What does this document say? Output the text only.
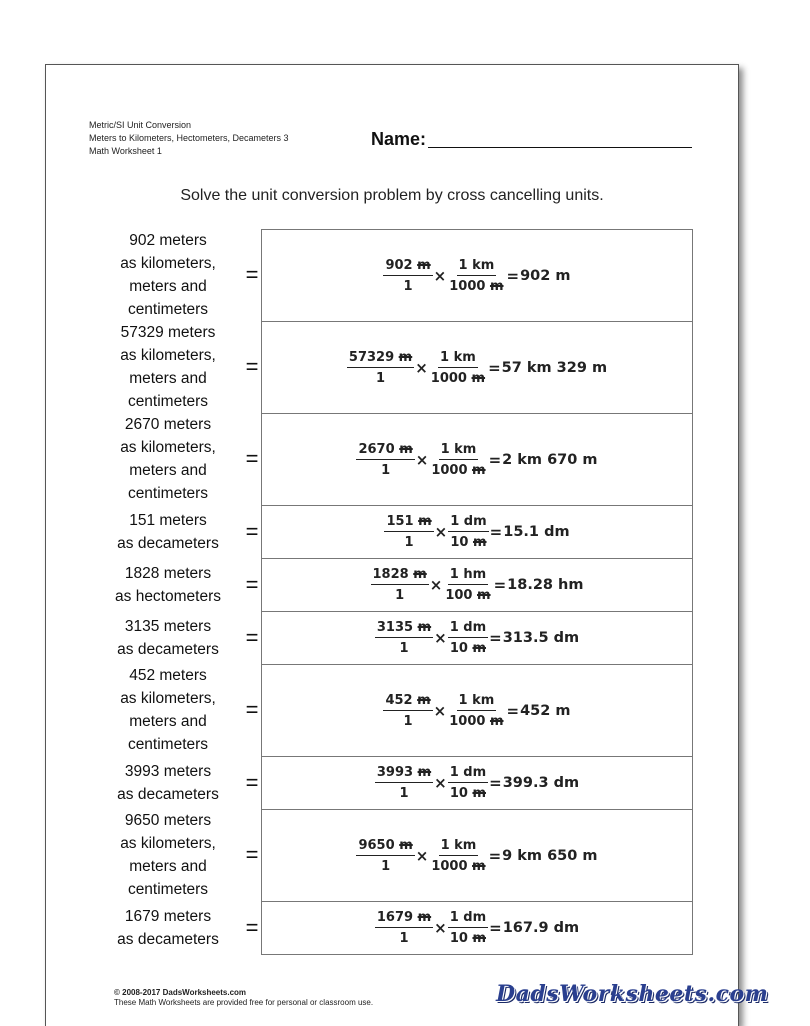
Metric/SI Unit Conversion
Meters to Kilometers, Hectometers, Decameters 3
Math Worksheet 1
Name:
Solve the unit conversion problem by cross cancelling units.
902 meters
as kilometers,
meters and
centimeters
=	$\frac{902 m}{1} \times \frac{1 km}{1000 m} = 902$ m
57329 meters
as kilometers,
meters and
centimeters
=	$\frac{57329 m}{1} \times \frac{1 km}{1000 m} = 57$ km 329 m
2670 meters
as kilometers,
meters and
centimeters
=	$\frac{2670 m}{1} \times \frac{1 km}{1000 m} = 2$ km 670 m
151 meters
as decameters	=	$\frac{151 m}{1} \times \frac{1 dm}{10 m} = 15.1$ dm
1828 meters
as hectometers	=	$\frac{1828 m}{1} \times \frac{1 hm}{100 m} = 18.28$ hm
3135 meters
as decameters	=	$\frac{3135 m}{1} \times \frac{1 dm}{10 m} = 313.5$ dm
452 meters
as kilometers,
meters and
centimeters
=	$\frac{452 m}{1} \times \frac{1 km}{1000 m} = 452$ m
3993 meters
as decameters	=	$\frac{3993 m}{1} \times \frac{1 dm}{10 m} = 399.3$ dm
9650 meters
as kilometers,
meters and
centimeters
=	$\frac{9650 m}{1} \times \frac{1 km}{1000 m} = 9$ km 650 m
1679 meters
as decameters	=	$\frac{1679 m}{1} \times \frac{1 dm}{10 m} = 167.9$ dm
© 2008-2017 DadsWorksheets.com
These Math Worksheets are provided free for personal or classroom use.	DadsWorksheets.com
